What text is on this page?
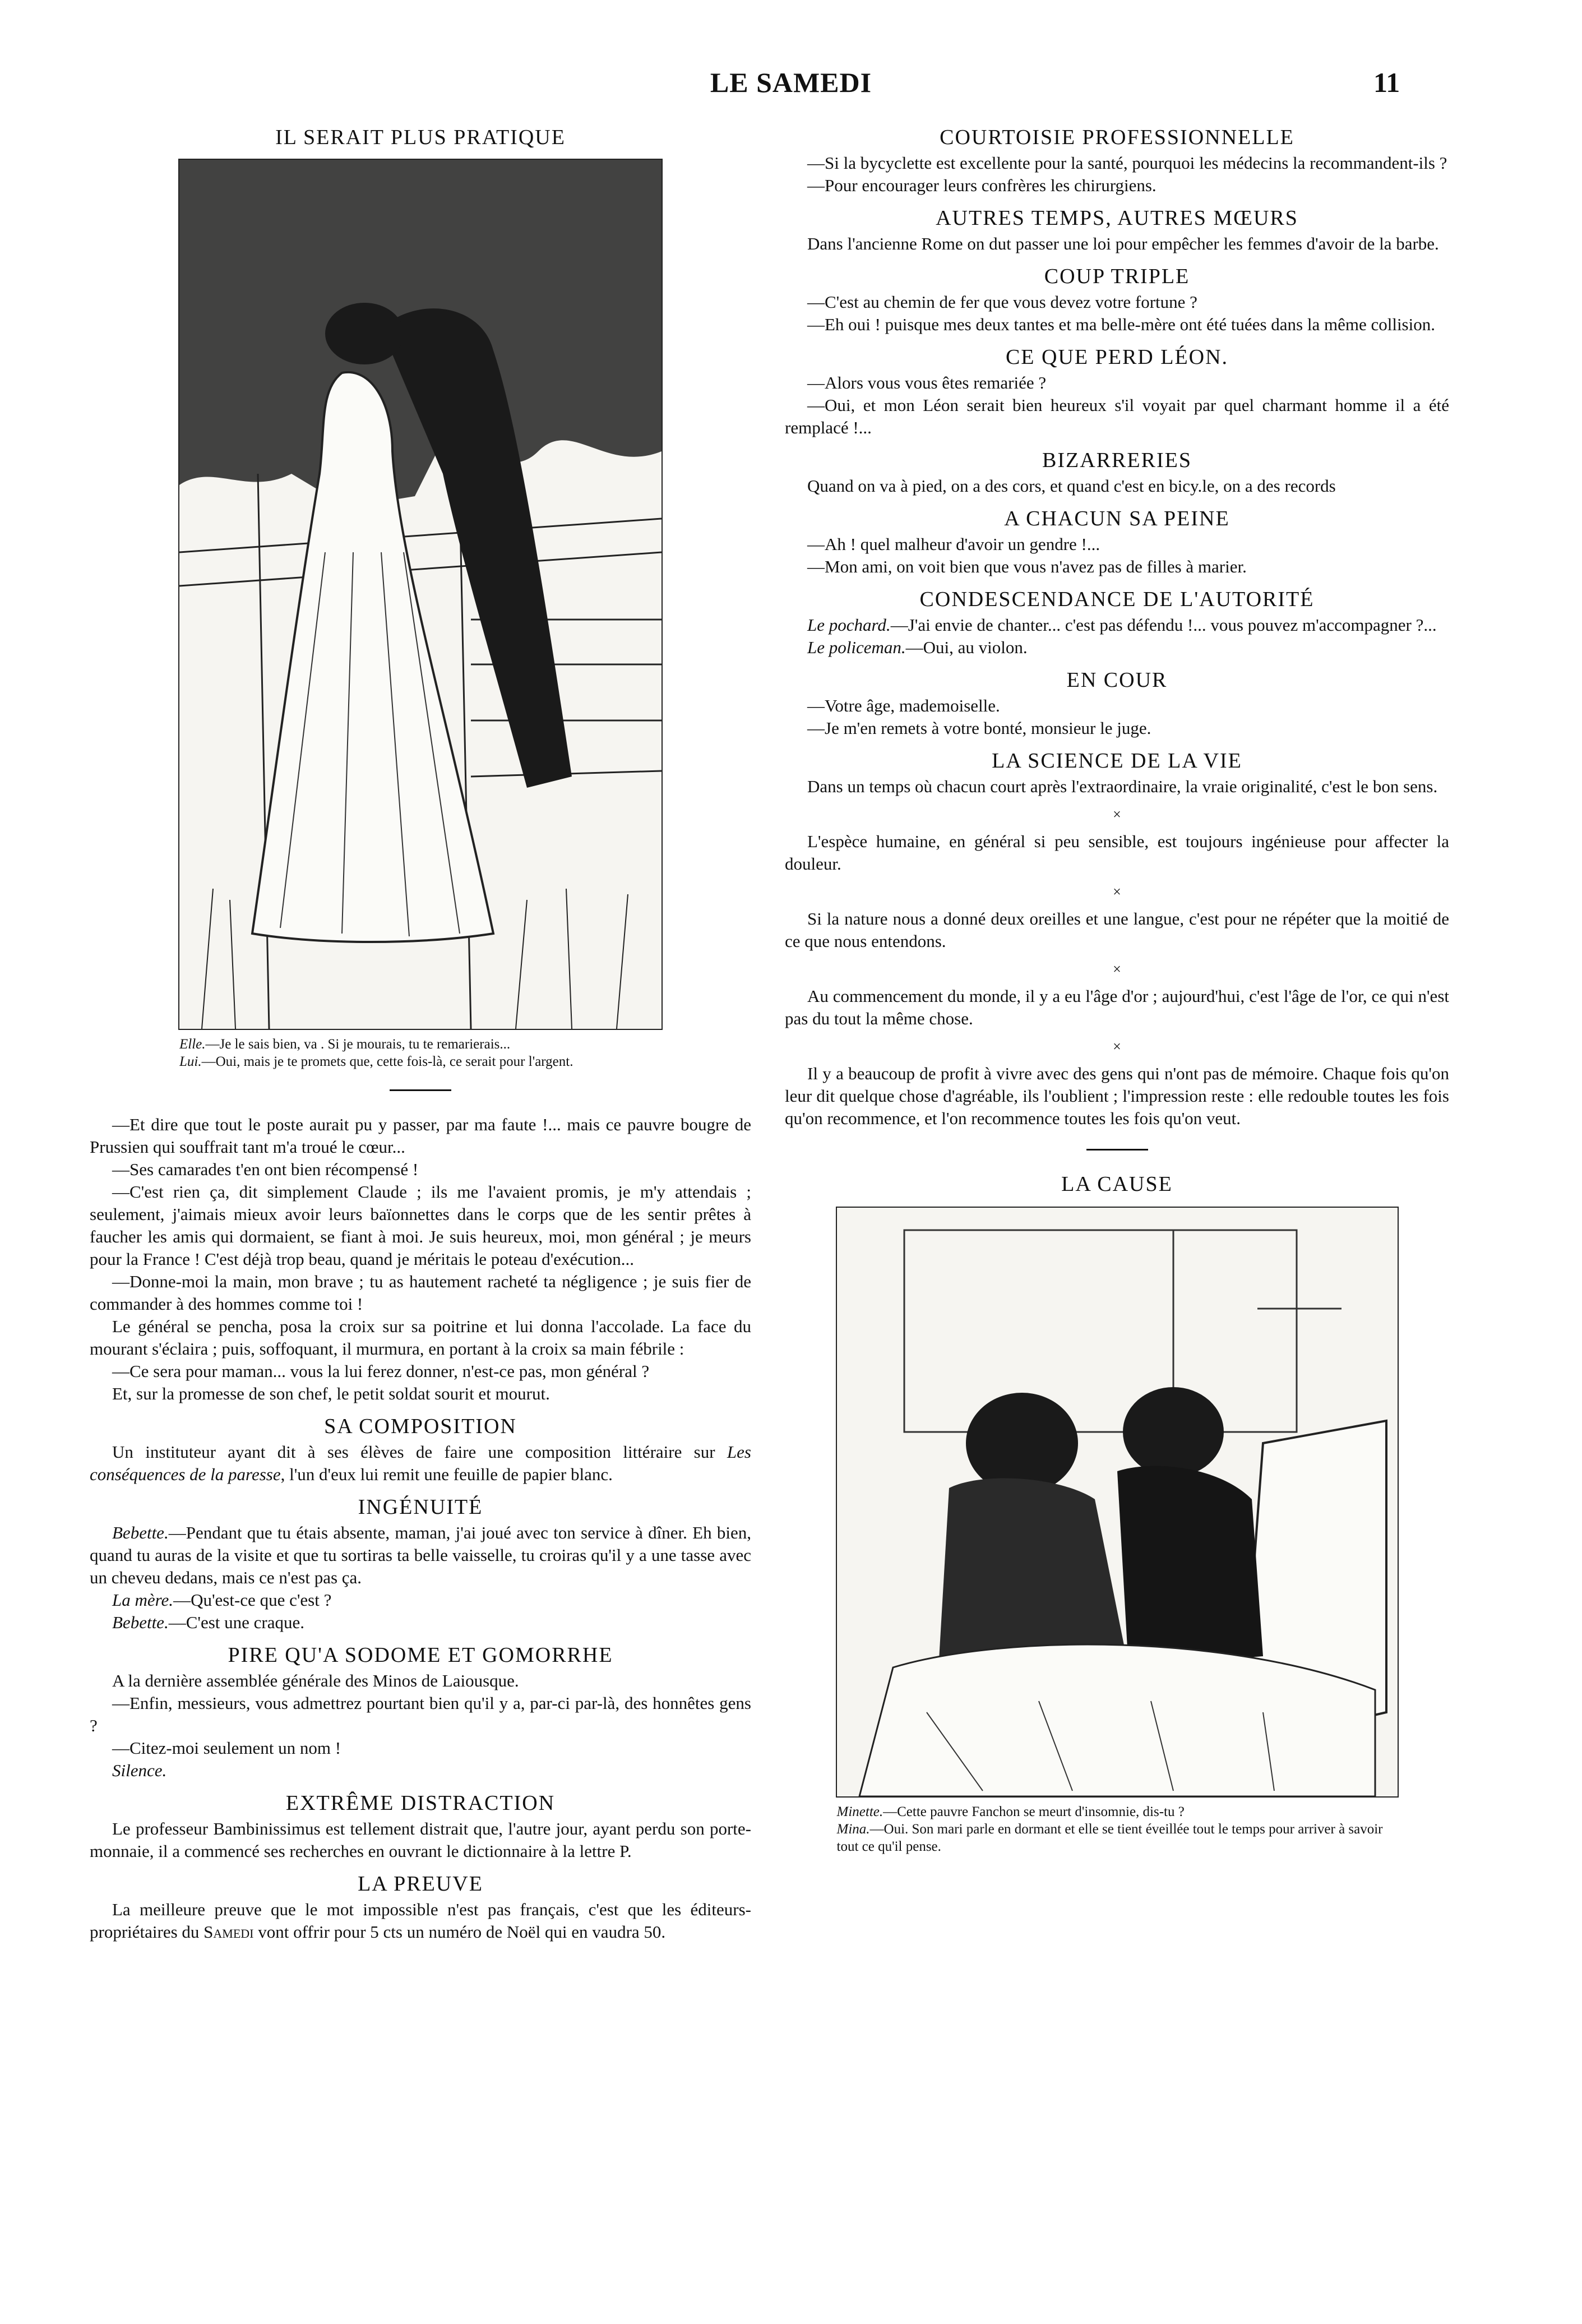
LE SAMEDI	11
IL SERAIT PLUS PRATIQUE
Elle.—Je le sais bien, va . Si je mourais, tu te remarierais...
Lui.—Oui, mais je te promets que, cette fois-là, ce serait pour l'argent.

—Et dire que tout le poste aurait pu y passer, par ma faute !... mais ce pauvre bougre de Prussien qui souffrait tant m'a troué le cœur...

—Ses camarades t'en ont bien récompensé !

—C'est rien ça, dit simplement Claude ; ils me l'avaient promis, je m'y attendais ; seulement, j'aimais mieux avoir leurs baïonnettes dans le corps que de les sentir prêtes à faucher les amis qui dormaient, se fiant à moi. Je suis heureux, moi, mon général ; je meurs pour la France ! C'est déjà trop beau, quand je méritais le poteau d'exécution...

—Donne-moi la main, mon brave ; tu as hautement racheté ta négligence ; je suis fier de commander à des hommes comme toi !

Le général se pencha, posa la croix sur sa poitrine et lui donna l'accolade. La face du mourant s'éclaira ; puis, soffoquant, il murmura, en portant à la croix sa main fébrile :

—Ce sera pour maman... vous la lui ferez donner, n'est-ce pas, mon général ?

Et, sur la promesse de son chef, le petit soldat sourit et mourut.

SA COMPOSITION

Un instituteur ayant dit à ses élèves de faire une composition littéraire sur Les conséquences de la paresse, l'un d'eux lui remit une feuille de papier blanc.

INGÉNUITÉ

Bebette.—Pendant que tu étais absente, maman, j'ai joué avec ton service à dîner. Eh bien, quand tu auras de la visite et que tu sortiras ta belle vaisselle, tu croiras qu'il y a une tasse avec un cheveu dedans, mais ce n'est pas ça.

La mère.—Qu'est-ce que c'est ?

Bebette.—C'est une craque.

PIRE QU'A SODOME ET GOMORRHE

A la dernière assemblée générale des Minos de Laiousque.

—Enfin, messieurs, vous admettrez pourtant bien qu'il y a, par-ci par-là, des honnêtes gens ?

—Citez-moi seulement un nom !

Silence.

EXTRÊME DISTRACTION

Le professeur Bambinissimus est tellement distrait que, l'autre jour, ayant perdu son porte-monnaie, il a commencé ses recherches en ouvrant le dictionnaire à la lettre P.

LA PREUVE

La meilleure preuve que le mot impossible n'est pas français, c'est que les éditeurs-propriétaires du Samedi vont offrir pour 5 cts un numéro de Noël qui en vaudra 50.

COURTOISIE PROFESSIONNELLE

—Si la bycyclette est excellente pour la santé, pourquoi les médecins la recommandent-ils ?

—Pour encourager leurs confrères les chirurgiens.

AUTRES TEMPS, AUTRES MŒURS

Dans l'ancienne Rome on dut passer une loi pour empêcher les femmes d'avoir de la barbe.

COUP TRIPLE

—C'est au chemin de fer que vous devez votre fortune ?

—Eh oui ! puisque mes deux tantes et ma belle-mère ont été tuées dans la même collision.

CE QUE PERD LÉON.

—Alors vous vous êtes remariée ?

—Oui, et mon Léon serait bien heureux s'il voyait par quel charmant homme il a été remplacé !...

BIZARRERIES

Quand on va à pied, on a des cors, et quand c'est en bicy.le, on a des records

A CHACUN SA PEINE

—Ah ! quel malheur d'avoir un gendre !...

—Mon ami, on voit bien que vous n'avez pas de filles à marier.

CONDESCENDANCE DE L'AUTORITÉ

Le pochard.—J'ai envie de chanter... c'est pas défendu !... vous pouvez m'accompagner ?...

Le policeman.—Oui, au violon.

EN COUR

—Votre âge, mademoiselle.

—Je m'en remets à votre bonté, monsieur le juge.

LA SCIENCE DE LA VIE

Dans un temps où chacun court après l'extraordinaire, la vraie originalité, c'est le bon sens.

×

L'espèce humaine, en général si peu sensible, est toujours ingénieuse pour affecter la douleur.

×

Si la nature nous a donné deux oreilles et une langue, c'est pour ne répéter que la moitié de ce que nous entendons.

×

Au commencement du monde, il y a eu l'âge d'or ; aujourd'hui, c'est l'âge de l'or, ce qui n'est pas du tout la même chose.

×

Il y a beaucoup de profit à vivre avec des gens qui n'ont pas de mémoire. Chaque fois qu'on leur dit quelque chose d'agréable, ils l'oublient ; l'impression reste : elle redouble toutes les fois qu'on recommence, et l'on recommence toutes les fois qu'on veut.

LA CAUSE
Minette.—Cette pauvre Fanchon se meurt d'insomnie, dis-tu ?
Mina.—Oui. Son mari parle en dormant et elle se tient éveillée tout le temps pour arriver à savoir tout ce qu'il pense.
